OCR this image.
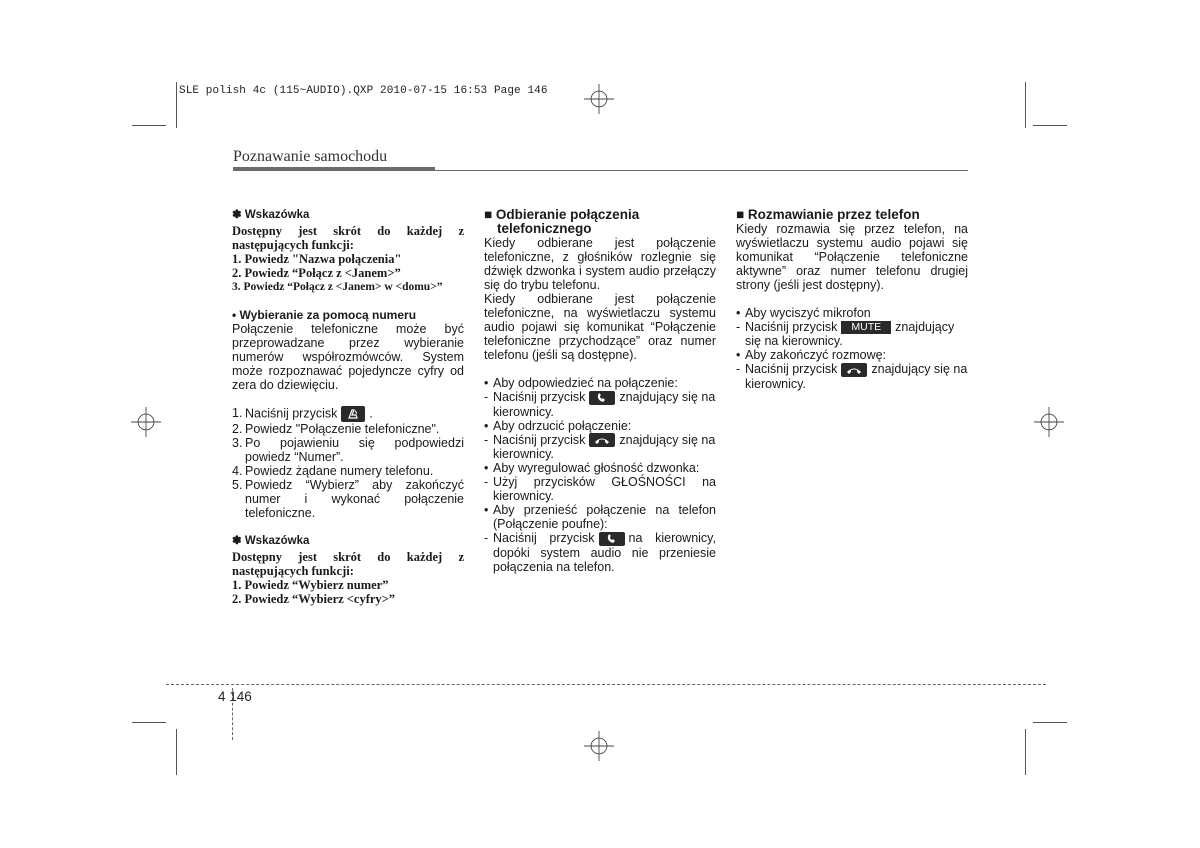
SLE polish 4c (115~AUDIO).QXP 2010-07-15 16:53 Page 146
Poznawanie samochodu
✽ Wskazówka
Dostępny jest skrót do każdej z
następujących funkcji:
1. Powiedz "Nazwa połączenia"
2. Powiedz “Połącz z <Janem>”
3. Powiedz “Połącz z <Janem> w <domu>”
• Wybieranie za pomocą numeru
Połączenie telefoniczne może być przeprowadzane przez wybieranie numerów współrozmówców. System może rozpoznawać pojedyncze cyfry od zera do dziewięciu.
1. Naciśnij przycisk	.
2. Powiedz "Połączenie telefoniczne".
3. Po pojawieniu się podpowiedzi powiedz “Numer”.
4. Powiedz żądane numery telefonu.
5. Powiedz “Wybierz” aby zakończyć numer i wykonać połączenie telefoniczne.
✽ Wskazówka
Dostępny jest skrót do każdej z
następujących funkcji:
1. Powiedz “Wybierz numer”
2. Powiedz “Wybierz <cyfry>”
■ Odbieranie połączenia
telefonicznego
Kiedy odbierane jest połączenie telefoniczne, z głośników rozlegnie się dźwięk dzwonka i system audio przełączy się do trybu telefonu.
Kiedy odbierane jest połączenie telefoniczne, na wyświetlaczu systemu audio pojawi się komunikat “Połączenie telefoniczne przychodzące” oraz numer telefonu (jeśli są dostępne).
• Aby odpowiedzieć na połączenie:
- Naciśnij przycisk	znajdujący się na kierownicy.
• Aby odrzucić połączenie:
- Naciśnij przycisk	znajdujący się na kierownicy.
• Aby wyregulować głośność dzwonka:
- Użyj przycisków GŁOŚNOŚCI na kierownicy.
• Aby przenieść połączenie na telefon (Połączenie poufne):
- Naciśnij przycisk	na kierownicy, dopóki system audio nie przeniesie połączenia na telefon.
■ Rozmawianie przez telefon
Kiedy rozmawia się przez telefon, na wyświetlaczu systemu audio pojawi się komunikat “Połączenie telefoniczne aktywne” oraz numer telefonu drugiej strony (jeśli jest dostępny).
• Aby wyciszyć mikrofon
- Naciśnij przycisk MUTE znajdujący się na kierownicy.
• Aby zakończyć rozmowę:
- Naciśnij przycisk	znajdujący się na kierownicy.
4 146
